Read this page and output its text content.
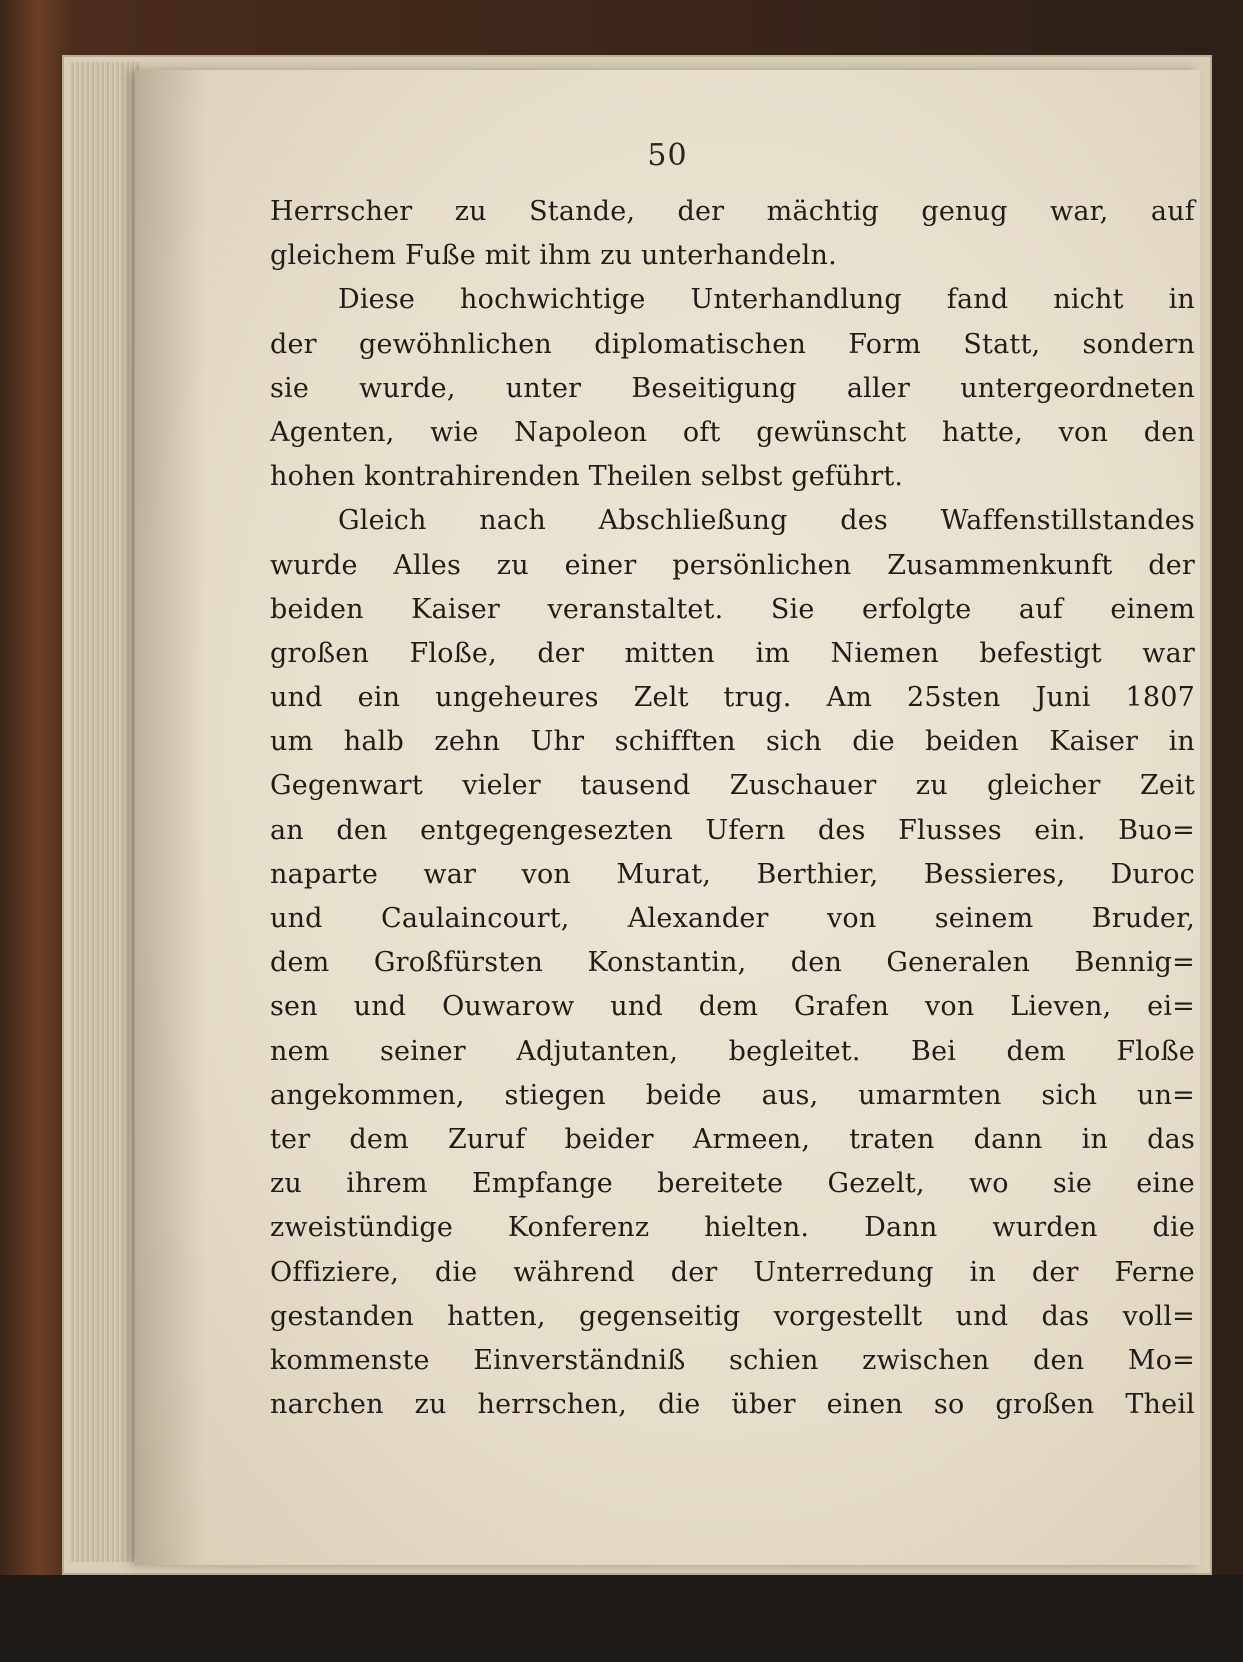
50
Herrscher zu Stande, der mächtig genug war, auf
gleichem Fuße mit ihm zu unterhandeln.
Diese hochwichtige Unterhandlung fand nicht in
der gewöhnlichen diplomatischen Form Statt, sondern
sie wurde, unter Beseitigung aller untergeordneten
Agenten, wie Napoleon oft gewünscht hatte, von den
hohen kontrahirenden Theilen selbst geführt.
Gleich nach Abschließung des Waffenstillstandes
wurde Alles zu einer persönlichen Zusammenkunft der
beiden Kaiser veranstaltet. Sie erfolgte auf einem
großen Floße, der mitten im Niemen befestigt war
und ein ungeheures Zelt trug. Am 25sten Juni 1807
um halb zehn Uhr schifften sich die beiden Kaiser in
Gegenwart vieler tausend Zuschauer zu gleicher Zeit
an den entgegengesezten Ufern des Flusses ein. Buo=
naparte war von Murat, Berthier, Bessieres, Duroc
und Caulaincourt, Alexander von seinem Bruder,
dem Großfürsten Konstantin, den Generalen Bennig=
sen und Ouwarow und dem Grafen von Lieven, ei=
nem seiner Adjutanten, begleitet. Bei dem Floße
angekommen, stiegen beide aus, umarmten sich un=
ter dem Zuruf beider Armeen, traten dann in das
zu ihrem Empfange bereitete Gezelt, wo sie eine
zweistündige Konferenz hielten. Dann wurden die
Offiziere, die während der Unterredung in der Ferne
gestanden hatten, gegenseitig vorgestellt und das voll=
kommenste Einverständniß schien zwischen den Mo=
narchen zu herrschen, die über einen so großen Theil
